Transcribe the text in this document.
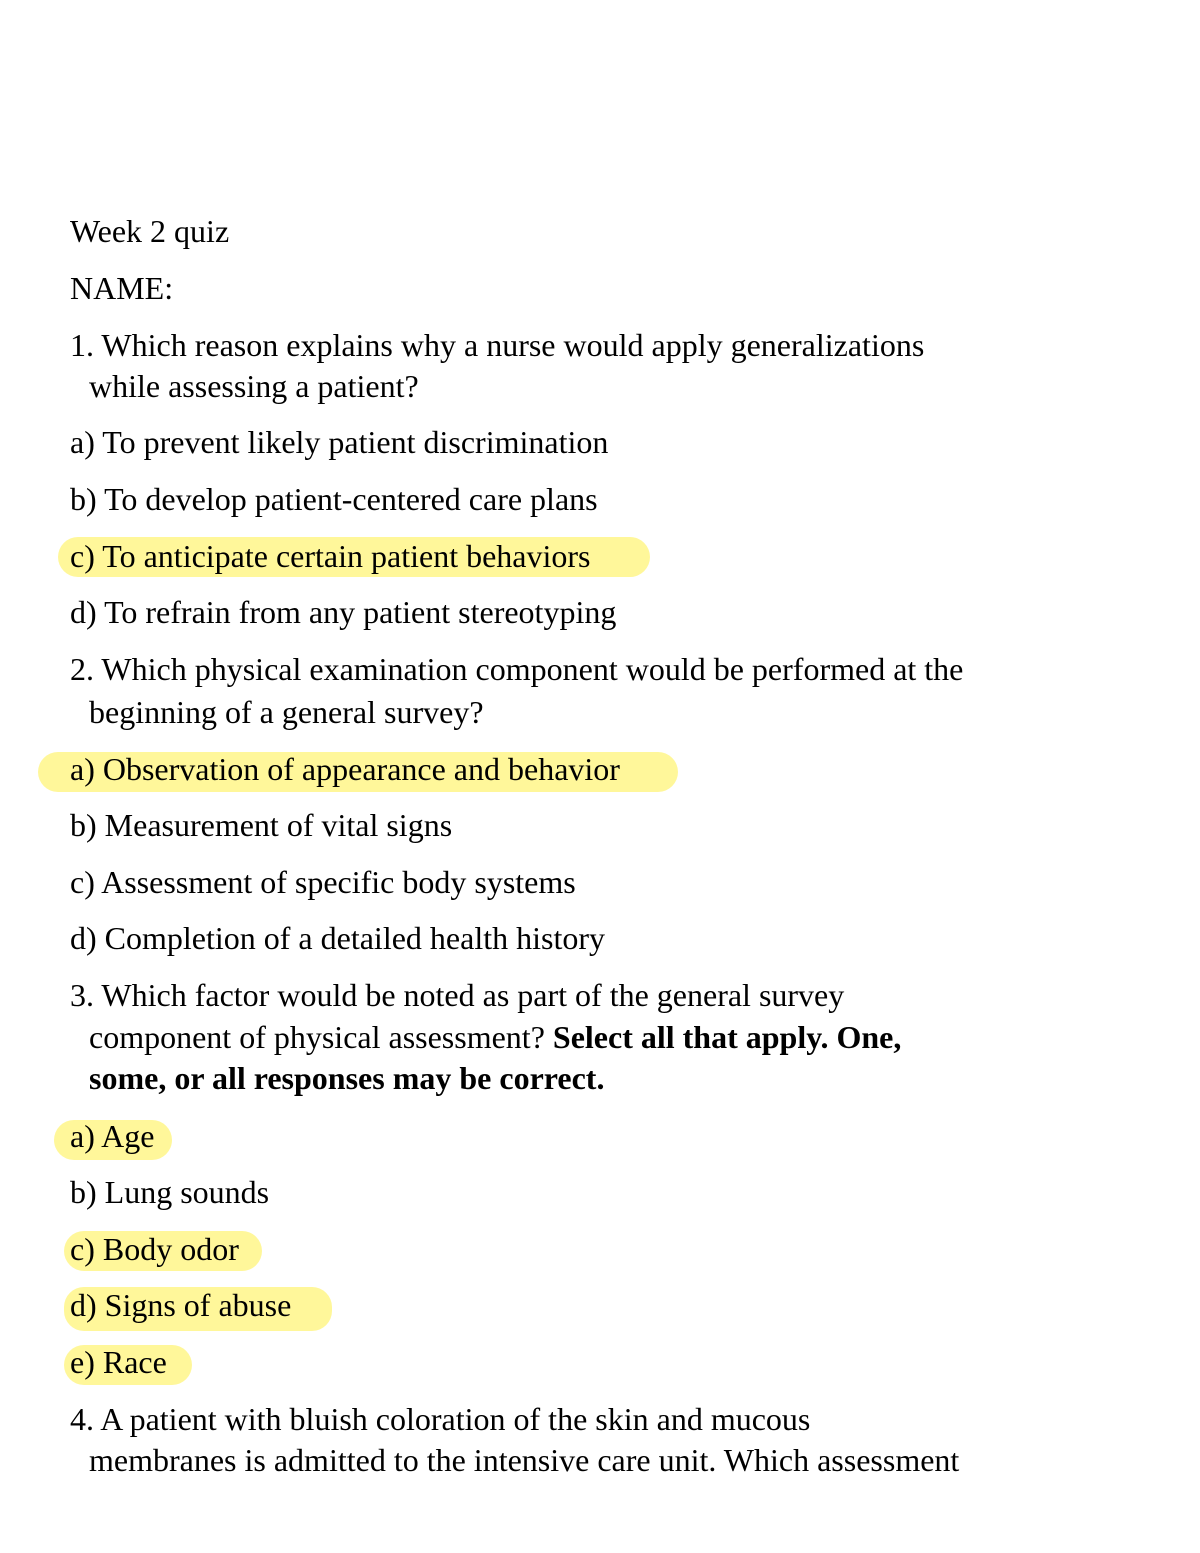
Week 2 quiz
NAME:
1. Which reason explains why a nurse would apply generalizations
while assessing a patient?
a) To prevent likely patient discrimination
b) To develop patient-centered care plans
c) To anticipate certain patient behaviors
d) To refrain from any patient stereotyping
2. Which physical examination component would be performed at the
beginning of a general survey?
a) Observation of appearance and behavior
b) Measurement of vital signs
c) Assessment of specific body systems
d) Completion of a detailed health history
3. Which factor would be noted as part of the general survey
component of physical assessment? Select all that apply. One,
some, or all responses may be correct.
a) Age
b) Lung sounds
c) Body odor
d) Signs of abuse
e) Race
4. A patient with bluish coloration of the skin and mucous
membranes is admitted to the intensive care unit. Which assessment
